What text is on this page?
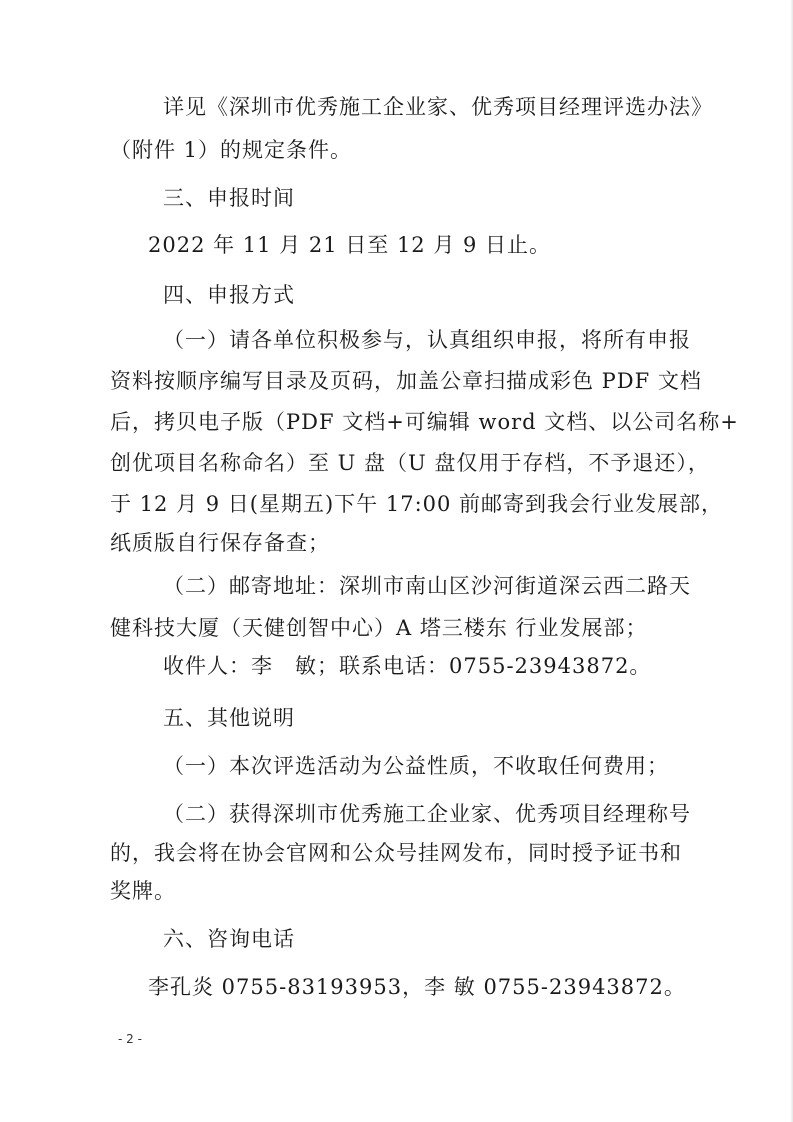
详见《深圳市优秀施工企业家、优秀项目经理评选办法》
（附件 1）的规定条件。
三、申报时间
2022 年 11 月 21 日至 12 月 9 日止。
四、申报方式
（一）请各单位积极参与，认真组织申报，将所有申报
资料按顺序编写目录及页码，加盖公章扫描成彩色 PDF 文档
后，拷贝电子版（PDF 文档+可编辑 word 文档、以公司名称+
创优项目名称命名）至 U 盘（U 盘仅用于存档，不予退还），
于 12 月 9 日(星期五)下午 17:00 前邮寄到我会行业发展部，
纸质版自行保存备查；
（二）邮寄地址：深圳市南山区沙河街道深云西二路天
健科技大厦（天健创智中心）A 塔三楼东 行业发展部；
收件人：李　敏；联系电话：0755-23943872。
五、其他说明
（一）本次评选活动为公益性质，不收取任何费用；
（二）获得深圳市优秀施工企业家、优秀项目经理称号
的，我会将在协会官网和公众号挂网发布，同时授予证书和
奖牌。
六、咨询电话
李孔炎 0755-83193953，李 敏 0755-23943872。
- 2 -
